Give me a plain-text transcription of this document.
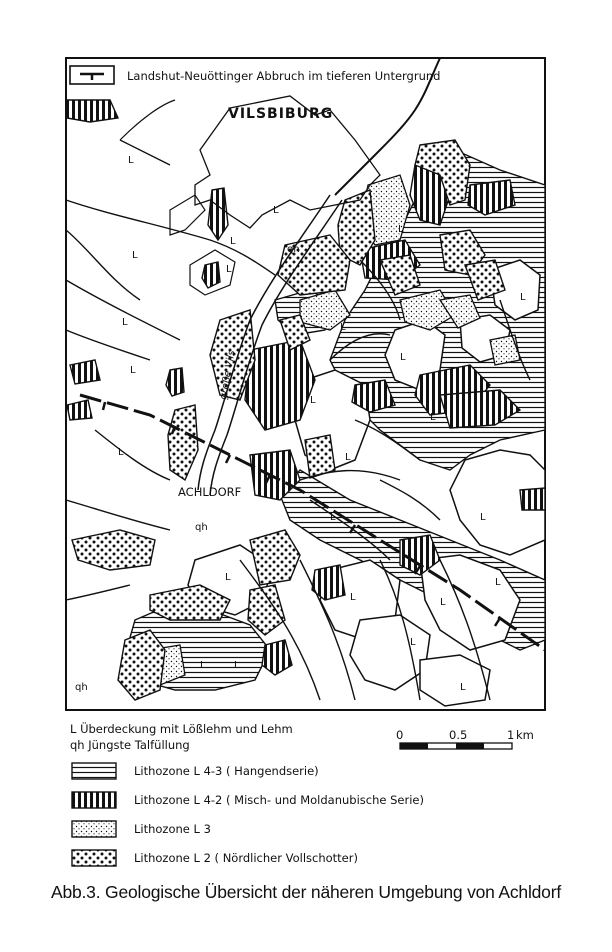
Landshut-Neuöttinger Abbruch im tieferen Untergrund
VILSBIBURG
ACHLDORF
große Vils
L
L
L
L
L
L
L
L
L
L
L
L
L
L
L
L
L
L
L
L
L
L	L
L
L
qh
qh
qh
L Überdeckung mit Lößlehm und Lehm
qh Jüngste Talfüllung
0	0.5	1 km
Lithozone L 4-3 ( Hangendserie)
Lithozone L 4-2 ( Misch- und Moldanubische Serie)
Lithozone L 3
Lithozone L 2 ( Nördlicher Vollschotter)
Abb.3. Geologische Übersicht der näheren Umgebung von Achldorf
